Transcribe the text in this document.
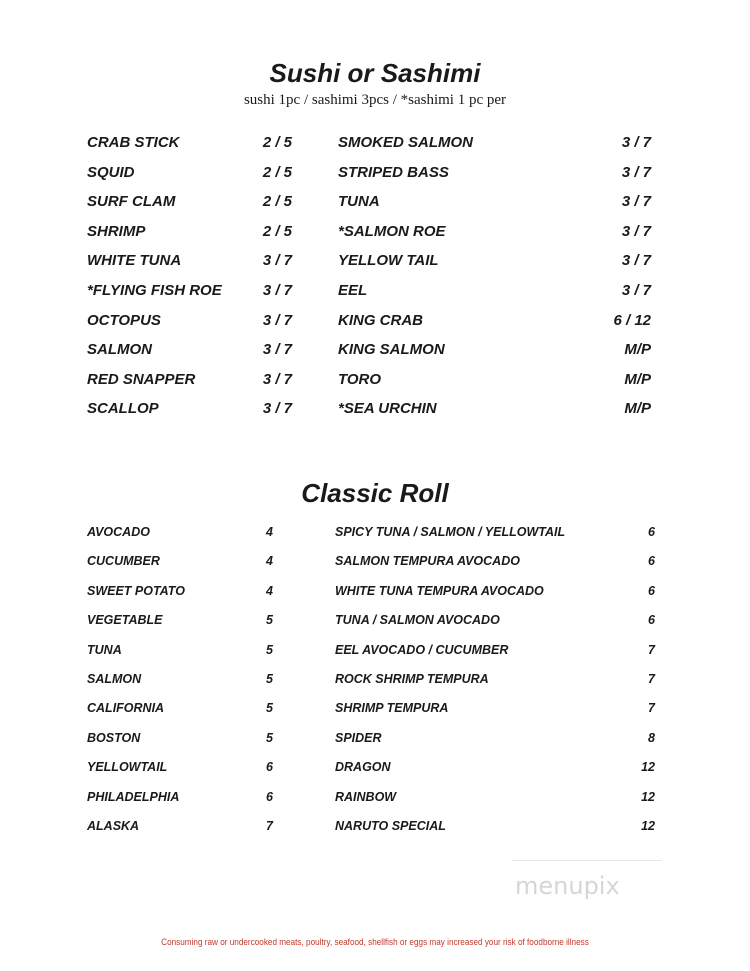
Sushi or Sashimi
sushi 1pc / sashimi 3pcs / *sashimi 1 pc per
CRAB STICK	2 / 5
SQUID	2 / 5
SURF CLAM	2 / 5
SHRIMP	2 / 5
WHITE TUNA	3 / 7
*FLYING FISH ROE	3 / 7
OCTOPUS	3 / 7
SALMON	3 / 7
RED SNAPPER	3 / 7
SCALLOP	3 / 7
SMOKED SALMON	3 / 7
STRIPED BASS	3 / 7
TUNA	3 / 7
*SALMON ROE	3 / 7
YELLOW TAIL	3 / 7
EEL	3 / 7
KING CRAB	6 / 12
KING SALMON	M/P
TORO	M/P
*SEA URCHIN	M/P
Classic Roll
AVOCADO	4
CUCUMBER	4
SWEET POTATO	4
VEGETABLE	5
TUNA	5
SALMON	5
CALIFORNIA	5
BOSTON	5
YELLOWTAIL	6
PHILADELPHIA	6
ALASKA	7
SPICY TUNA / SALMON / YELLOWTAIL	6
SALMON TEMPURA AVOCADO	6
WHITE TUNA TEMPURA AVOCADO	6
TUNA / SALMON AVOCADO	6
EEL AVOCADO / CUCUMBER	7
ROCK SHRIMP TEMPURA	7
SHRIMP TEMPURA	7
SPIDER	8
DRAGON	12
RAINBOW	12
NARUTO SPECIAL	12
menupix
Consuming raw or undercooked meats, poultry, seafood, shellfish or eggs may increased your risk of foodborne illness
